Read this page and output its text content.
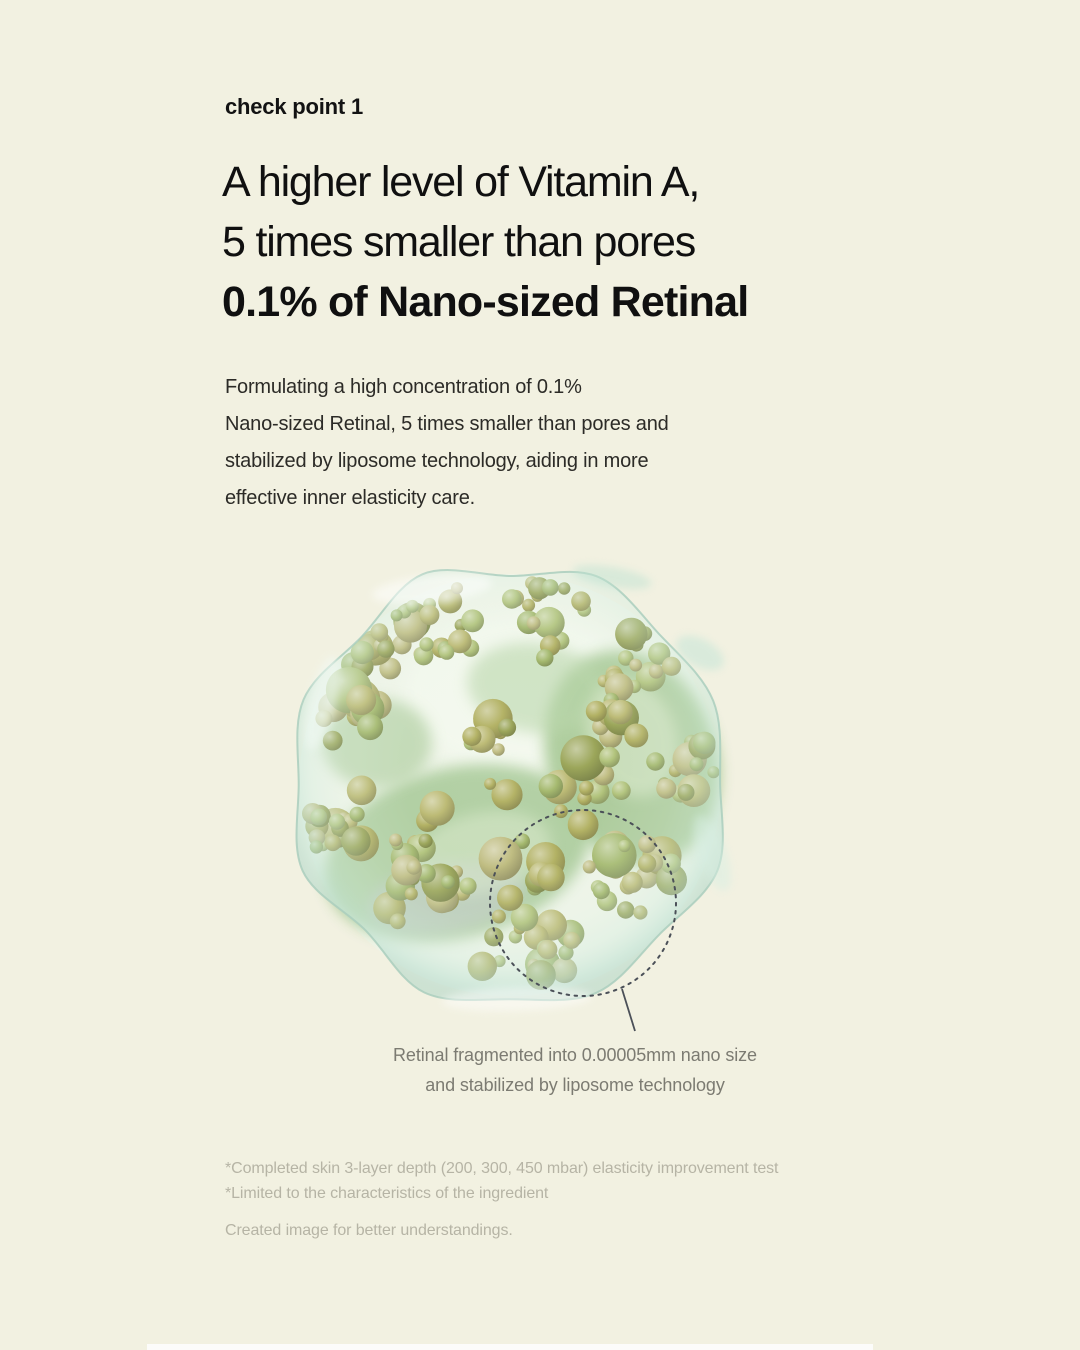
check point 1
A higher level of Vitamin A,
5 times smaller than pores
0.1% of Nano-sized Retinal
Formulating a high concentration of 0.1%
Nano-sized Retinal, 5 times smaller than pores and
stabilized by liposome technology, aiding in more
effective inner elasticity care.
Retinal fragmented into 0.00005mm nano size
and stabilized by liposome technology
*Completed skin 3-layer depth (200, 300, 450 mbar) elasticity improvement test
*Limited to the characteristics of the ingredient
Created image for better understandings.
